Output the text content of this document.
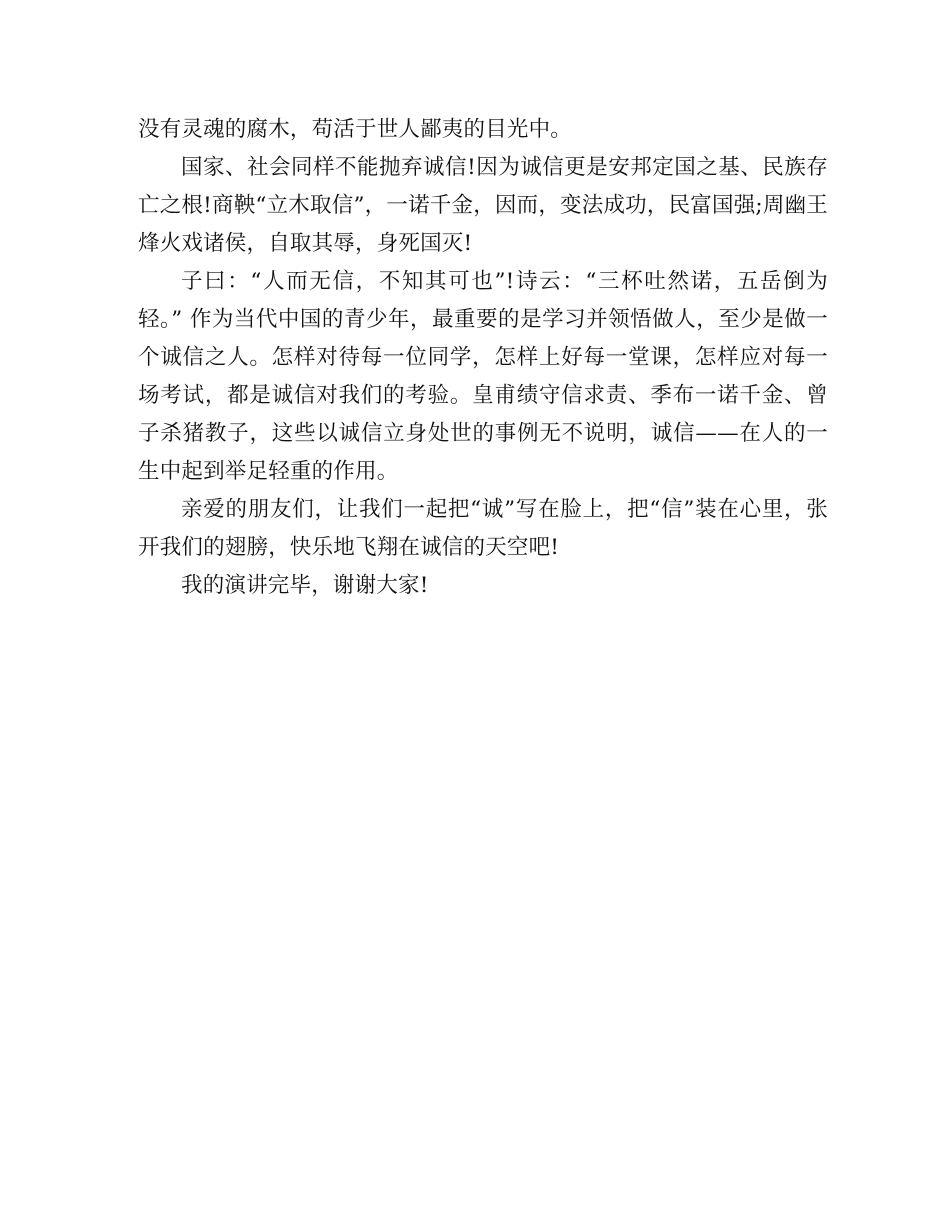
没有灵魂的腐木，苟活于世人鄙夷的目光中。

国家、社会同样不能抛弃诚信!因为诚信更是安邦定国之基、民族存亡之根!商鞅“立木取信”，一诺千金，因而，变法成功，民富国强;周幽王烽火戏诸侯，自取其辱，身死国灭!

子曰：“人而无信，不知其可也”!诗云：“三杯吐然诺，五岳倒为轻。” 作为当代中国的青少年，最重要的是学习并领悟做人，至少是做一个诚信之人。怎样对待每一位同学，怎样上好每一堂课，怎样应对每一场考试，都是诚信对我们的考验。皇甫绩守信求责、季布一诺千金、曾子杀猪教子，这些以诚信立身处世的事例无不说明，诚信——在人的一生中起到举足轻重的作用。

亲爱的朋友们，让我们一起把“诚”写在脸上，把“信”装在心里，张开我们的翅膀，快乐地飞翔在诚信的天空吧!

我的演讲完毕，谢谢大家!
